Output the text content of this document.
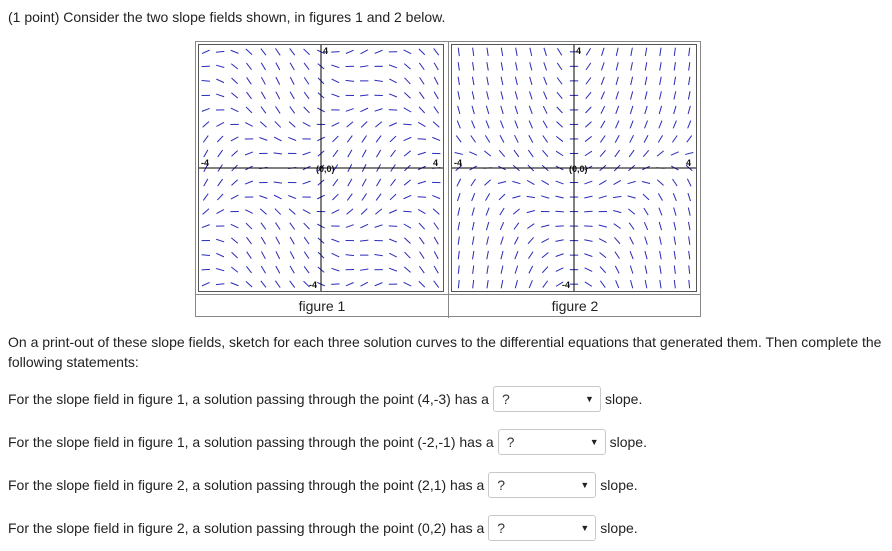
(1 point) Consider the two slope fields shown, in figures 1 and 2 below.

-4	4
4
-4
(0,0)
figure 1
-4	4
4
-4
(0,0)
figure 2

On a print-out of these slope fields, sketch for each three solution curves to the differential equations that generated them. Then complete the following statements:

For the slope field in figure 1, a solution passing through the point (4,-3) has a ?	▼ slope.
For the slope field in figure 1, a solution passing through the point (-2,-1) has a ?	▼ slope.
For the slope field in figure 2, a solution passing through the point (2,1) has a ?	▼ slope.
For the slope field in figure 2, a solution passing through the point (0,2) has a ?	▼ slope.
